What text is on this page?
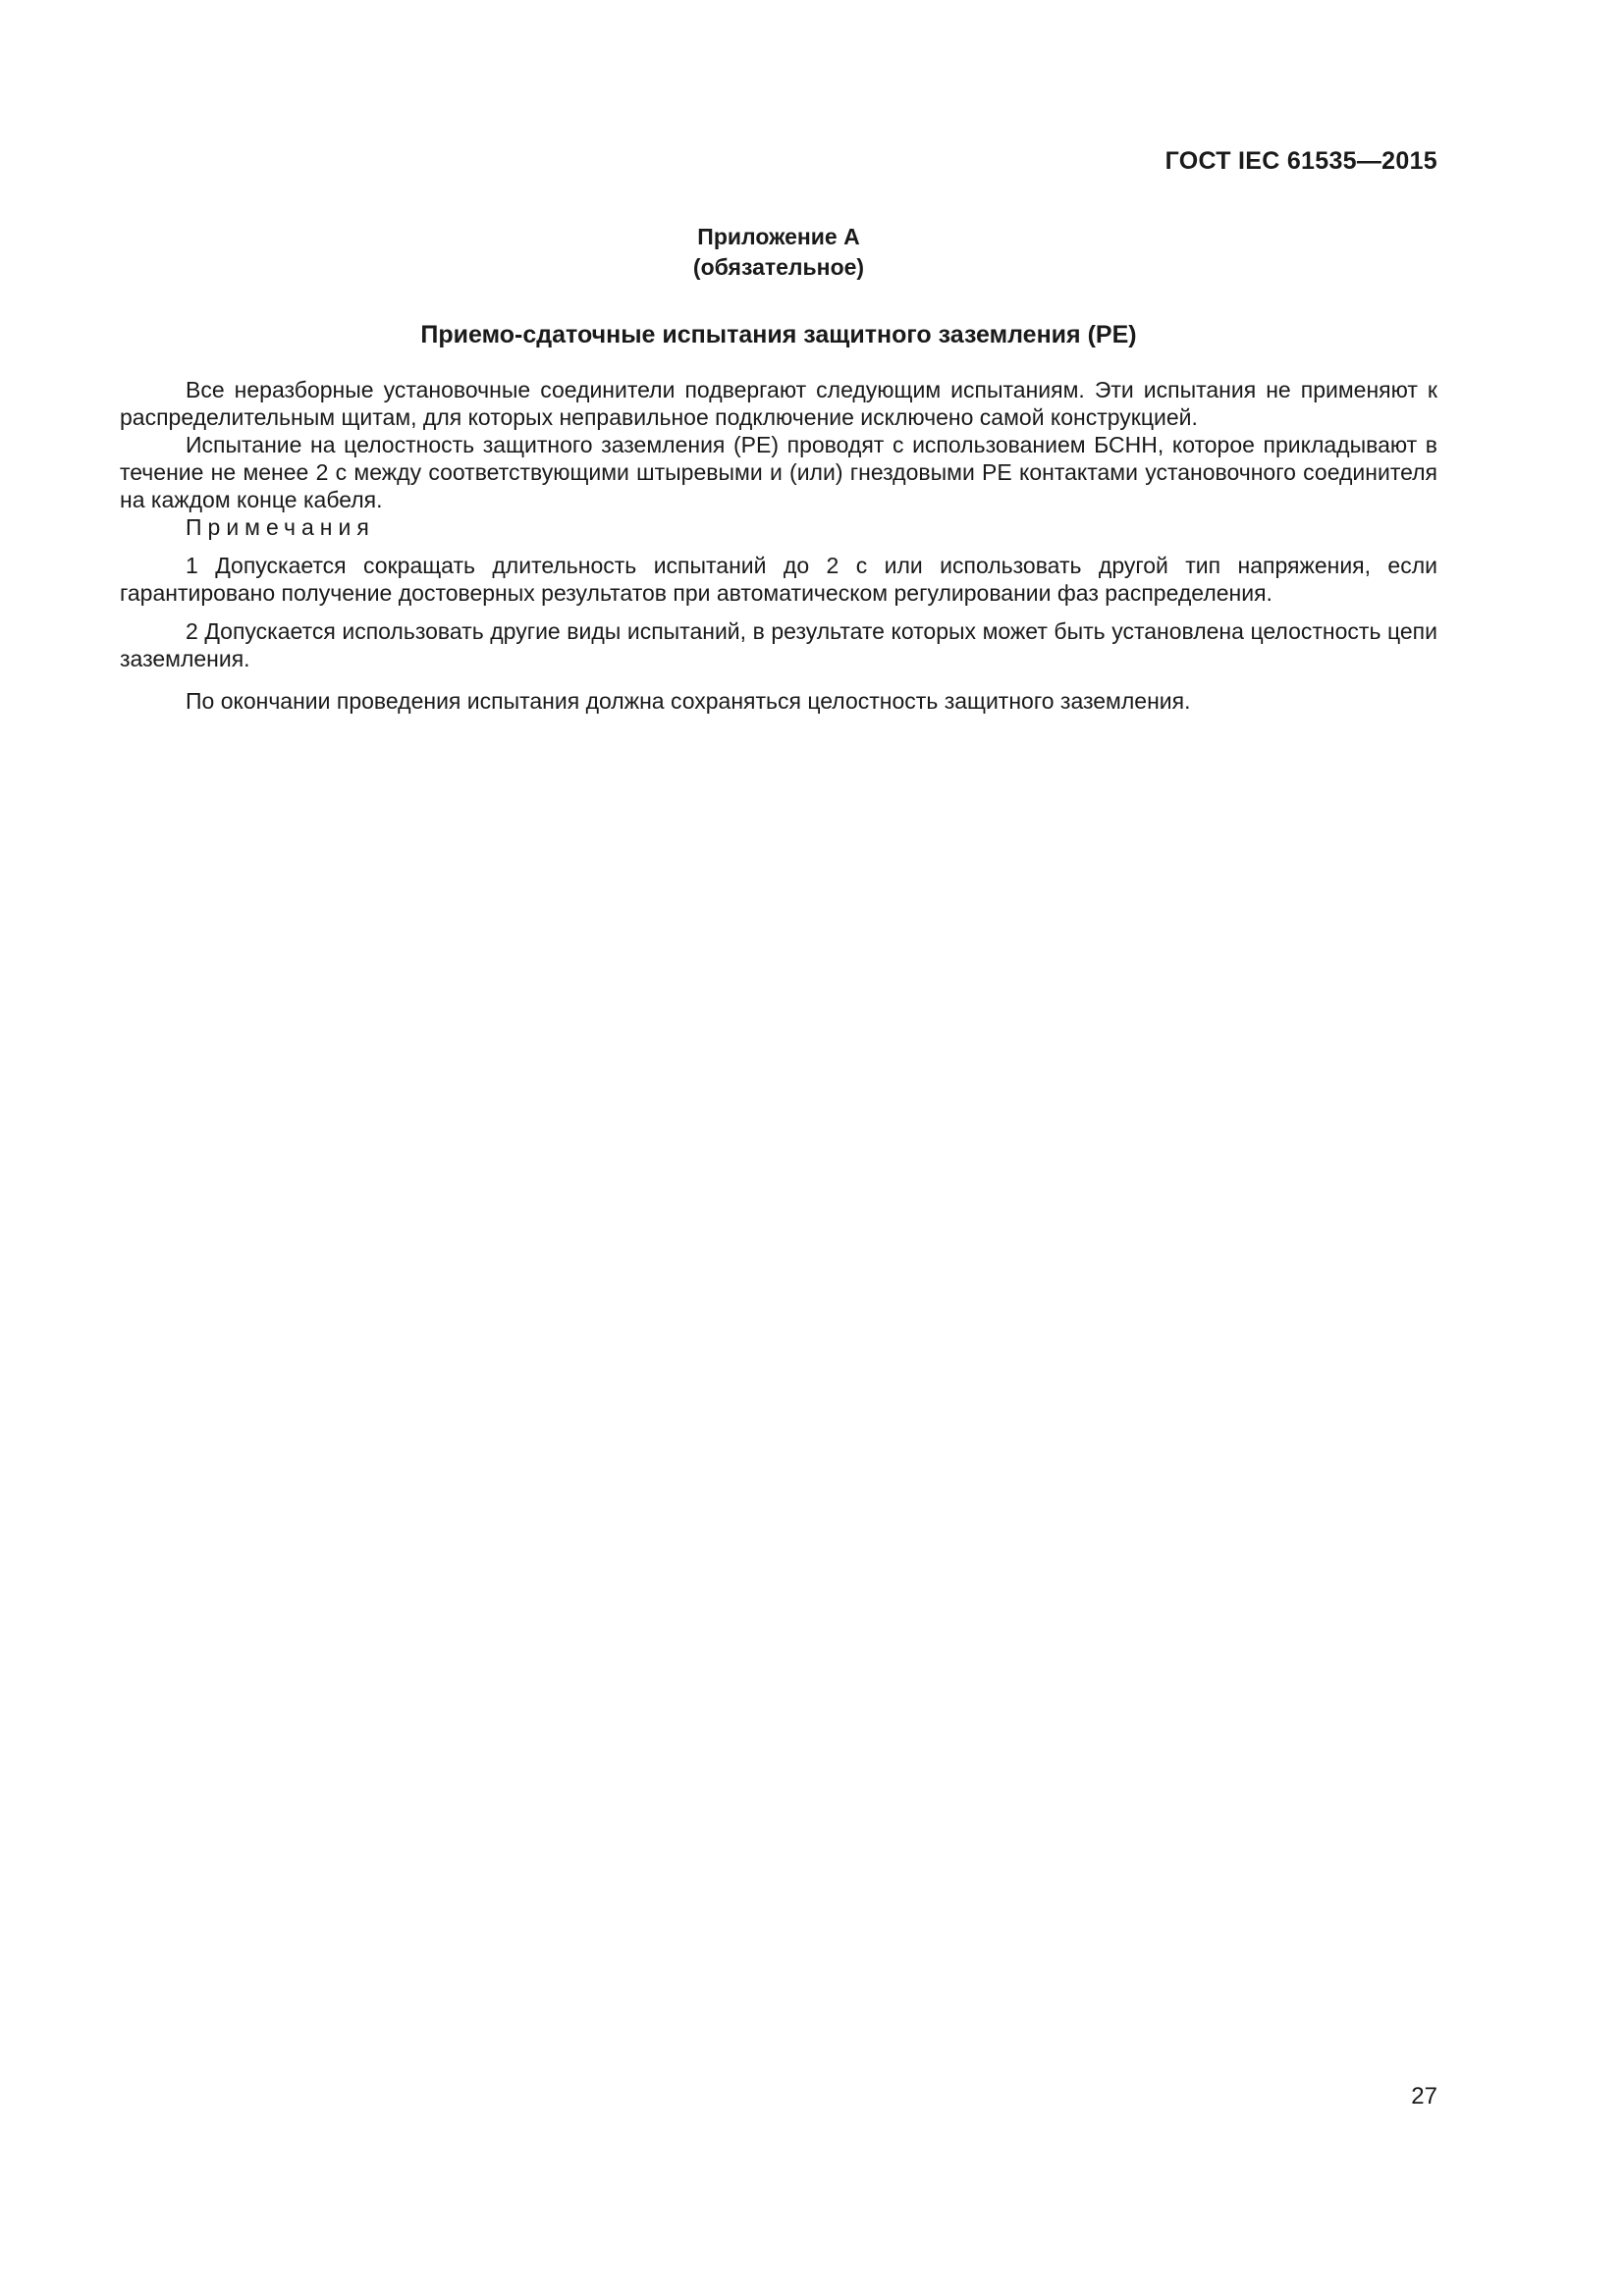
ГОСТ IEC 61535—2015

Приложение А

(обязательное)

Приемо-сдаточные испытания защитного заземления (РЕ)

Все неразборные установочные соединители подвергают следующим испытаниям. Эти испытания не применяют к распределительным щитам, для которых неправильное подключение исключено самой конструкцией.

Испытание на целостность защитного заземления (РЕ) проводят с использованием БСНН, которое прикладывают в течение не менее 2 с между соответствующими штыревыми и (или) гнездовыми РЕ контактами установочного соединителя на каждом конце кабеля.

Примечания

1 Допускается сокращать длительность испытаний до 2 с или использовать другой тип напряжения, если гарантировано получение достоверных результатов при автоматическом регулировании фаз распределения.

2 Допускается использовать другие виды испытаний, в результате которых может быть установлена целостность цепи заземления.

По окончании проведения испытания должна сохраняться целостность защитного заземления.

27
